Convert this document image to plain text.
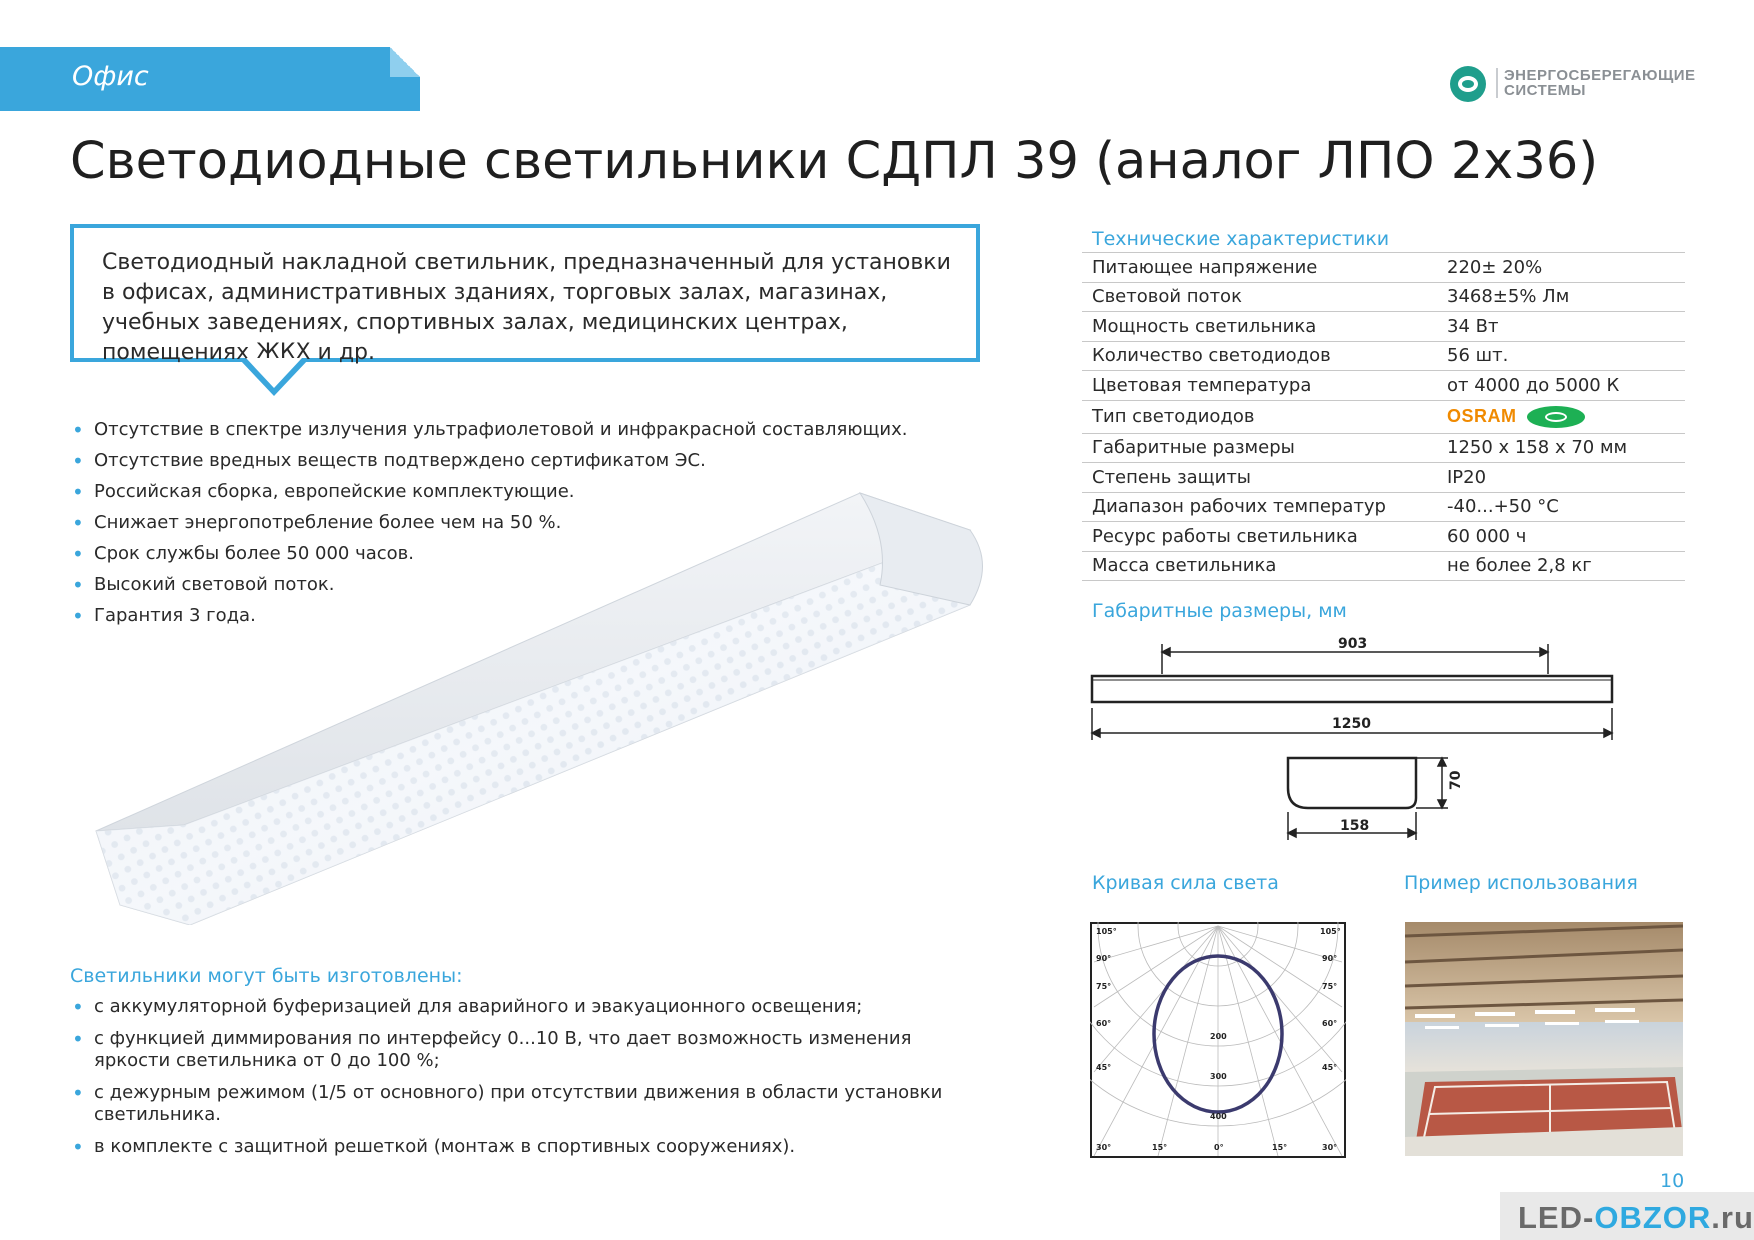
Офис	ЭНЕРГОСБЕРЕГАЮЩИЕ
СИСТЕМЫ
Светодиодные светильники СДПЛ 39 (аналог ЛПО 2x36)

Светодиодный накладной светильник, предназначенный для установки в офисах, административных зданиях, торговых залах, магазинах, учебных заведениях, спортивных залах, медицинских центрах, помещениях ЖКХ и др.

• Отсутствие в спектре излучения ультрафиолетовой и инфракрасной составляющих.
• Отсутствие вредных веществ подтверждено сертификатом ЭС.
• Российская сборка, европейские комплектующие.
• Снижает энергопотребление более чем на 50 %.
• Срок службы более 50 000 часов.
• Высокий световой поток.
• Гарантия 3 года.
Светильники могут быть изготовлены:
• с аккумуляторной буферизацией для аварийного и эвакуационного освещения;
• с функцией диммирования по интерфейсу 0...10 В, что дает возможность изменения яркости светильника от 0 до 100 %;
• с дежурным режимом (1/5 от основного) при отсутствии движения в области установки светильника.
• в комплекте с защитной решеткой (монтаж в спортивных сооружениях).
Технические характеристики
Питающее напряжение	220± 20%
Световой поток	3468±5% Лм
Мощность светильника	34 Вт
Количество светодиодов	56 шт.
Цветовая температура	от 4000 до 5000 К
Тип светодиодов	OSRAM
Габаритные размеры	1250 х 158 х 70 мм
Степень защиты	IP20
Диапазон рабочих температур	-40...+50 °С
Ресурс работы светильника	60 000 ч
Масса светильника	не более 2,8 кг
Габаритные размеры, мм
903
1250
158
70
Кривая сила света
105°
90°
75°
60°
45°
30°
105°
90°
75°
60°
45°
30°
15°	0°	15°
200
300
400
Пример использования
10
LED-OBZOR.ru
